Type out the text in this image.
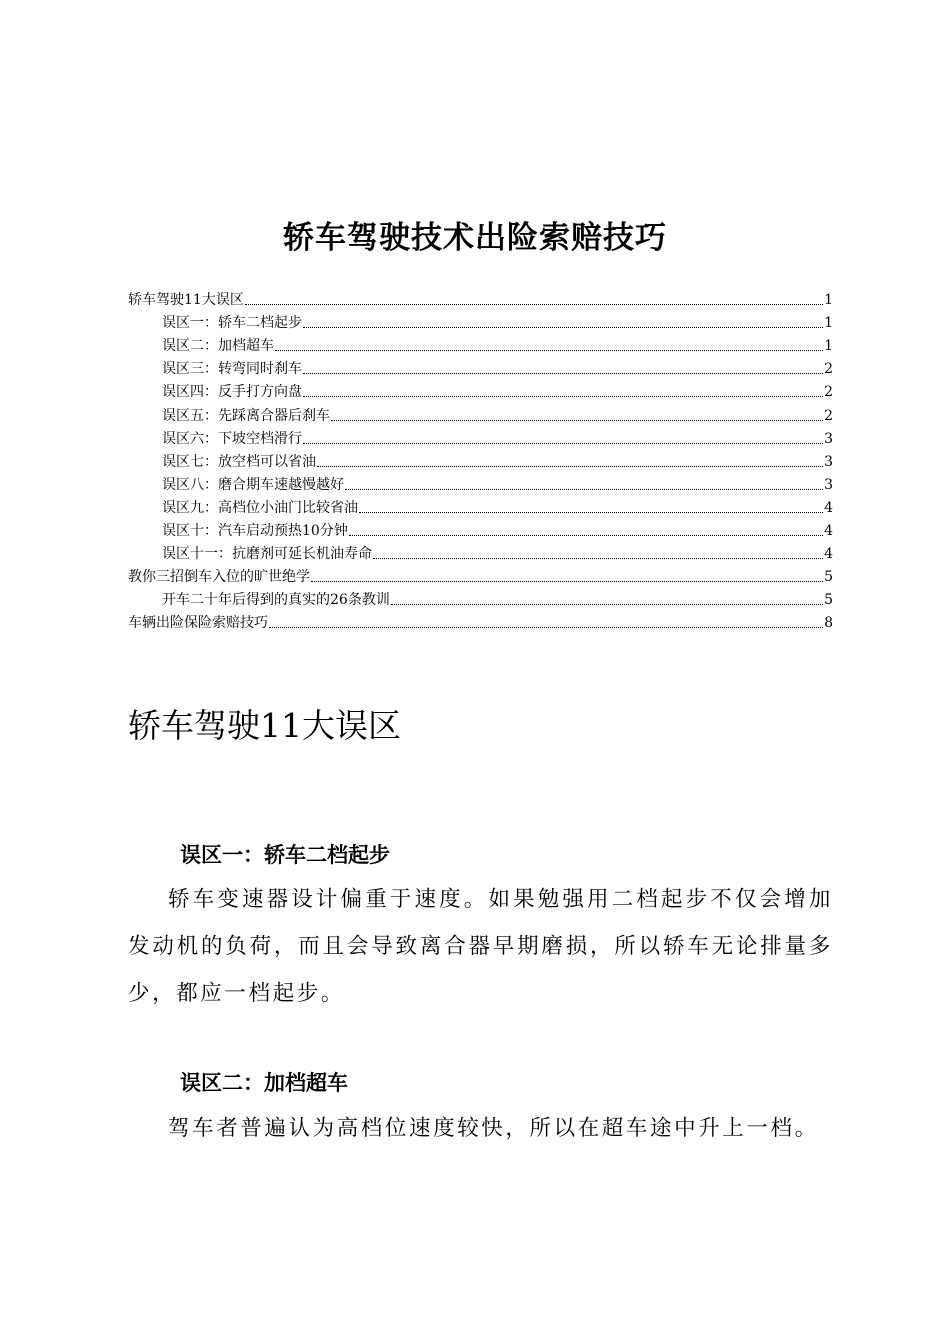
轿车驾驶技术出险索赔技巧
轿车驾驶11大误区	1
误区一：轿车二档起步	1
误区二：加档超车	1
误区三：转弯同时刹车	2
误区四：反手打方向盘	2
误区五：先踩离合器后刹车	2
误区六：下坡空档滑行	3
误区七：放空档可以省油	3
误区八：磨合期车速越慢越好	3
误区九：高档位小油门比较省油	4
误区十：汽车启动预热10分钟	4
误区十一：抗磨剂可延长机油寿命	4
教你三招倒车入位的旷世绝学	5
开车二十年后得到的真实的26条教训	5
车辆出险保险索赔技巧	8
轿车驾驶11大误区
误区一：轿车二档起步
轿车变速器设计偏重于速度。如果勉强用二档起步不仅会增加发动机的负荷，而且会导致离合器早期磨损，所以轿车无论排量多少，都应一档起步。
误区二：加档超车
驾车者普遍认为高档位速度较快，所以在超车途中升上一档。
